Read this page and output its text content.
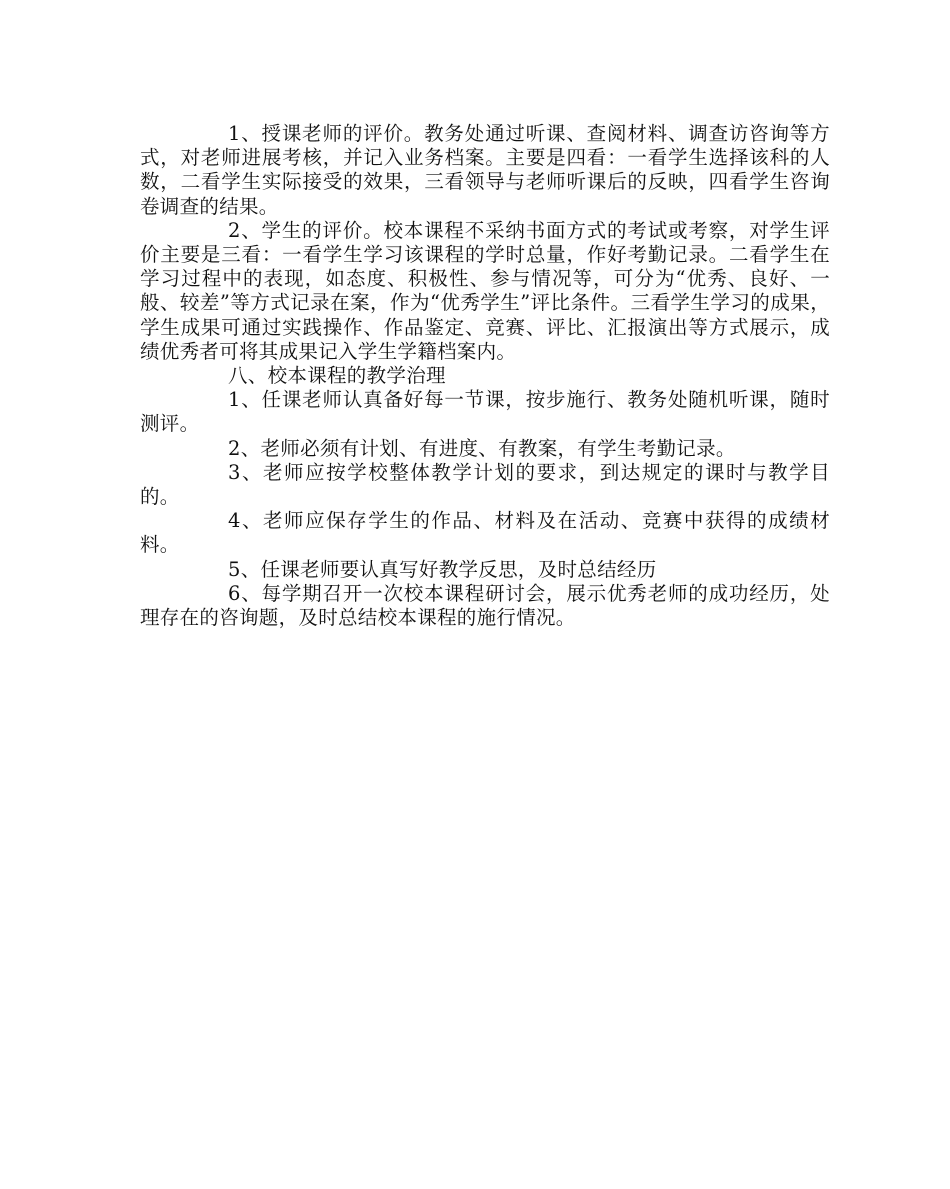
1、授课老师的评价。教务处通过听课、查阅材料、调查访咨询等方式，对老师进展考核，并记入业务档案。主要是四看：一看学生选择该科的人数，二看学生实际接受的效果，三看领导与老师听课后的反映，四看学生咨询卷调查的结果。

2、学生的评价。校本课程不采纳书面方式的考试或考察，对学生评价主要是三看：一看学生学习该课程的学时总量，作好考勤记录。二看学生在学习过程中的表现，如态度、积极性、参与情况等，可分为“优秀、良好、一般、较差”等方式记录在案，作为“优秀学生”评比条件。三看学生学习的成果，学生成果可通过实践操作、作品鉴定、竞赛、评比、汇报演出等方式展示，成绩优秀者可将其成果记入学生学籍档案内。

八、校本课程的教学治理

1、任课老师认真备好每一节课，按步施行、教务处随机听课，随时测评。

2、老师必须有计划、有进度、有教案，有学生考勤记录。

3、老师应按学校整体教学计划的要求，到达规定的课时与教学目的。

4、老师应保存学生的作品、材料及在活动、竞赛中获得的成绩材料。

5、任课老师要认真写好教学反思，及时总结经历

6、每学期召开一次校本课程研讨会，展示优秀老师的成功经历，处理存在的咨询题，及时总结校本课程的施行情况。
